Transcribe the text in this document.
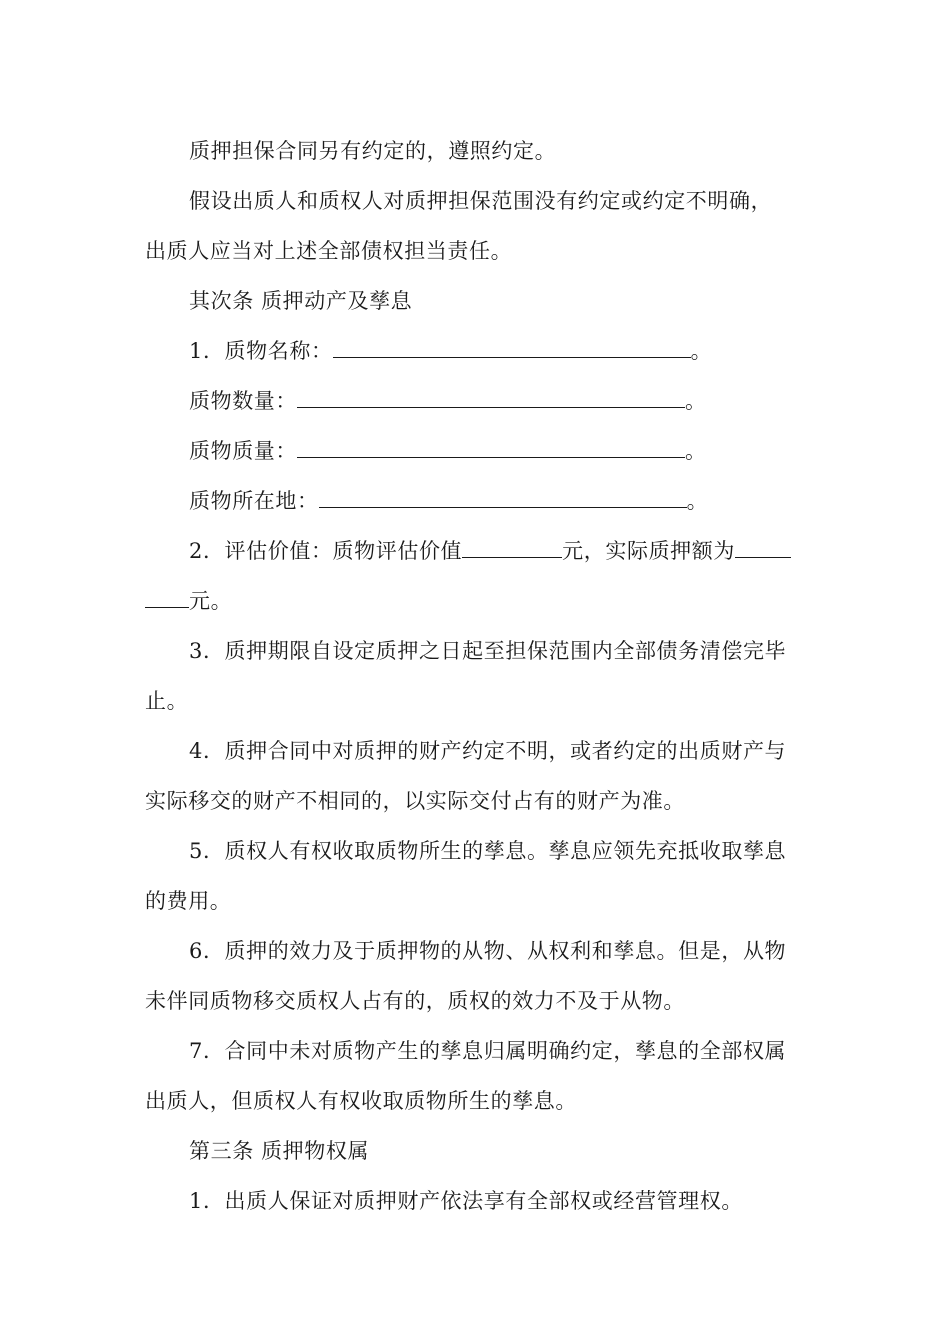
质押担保合同另有约定的，遵照约定。
假设出质人和质权人对质押担保范围没有约定或约定不明确，
出质人应当对上述全部债权担当责任。
其次条 质押动产及孳息
1．质物名称：	。
质物数量：	。
质物质量：	。
质物所在地：	。
2．评估价值：质物评估价值	元，实际质押额为
元。
3．质押期限自设定质押之日起至担保范围内全部债务清偿完毕
止。
4．质押合同中对质押的财产约定不明，或者约定的出质财产与
实际移交的财产不相同的，以实际交付占有的财产为准。
5．质权人有权收取质物所生的孳息。孳息应领先充抵收取孳息
的费用。
6．质押的效力及于质押物的从物、从权利和孳息。但是，从物
未伴同质物移交质权人占有的，质权的效力不及于从物。
7．合同中未对质物产生的孳息归属明确约定，孳息的全部权属
出质人，但质权人有权收取质物所生的孳息。
第三条 质押物权属
1．出质人保证对质押财产依法享有全部权或经营管理权。
